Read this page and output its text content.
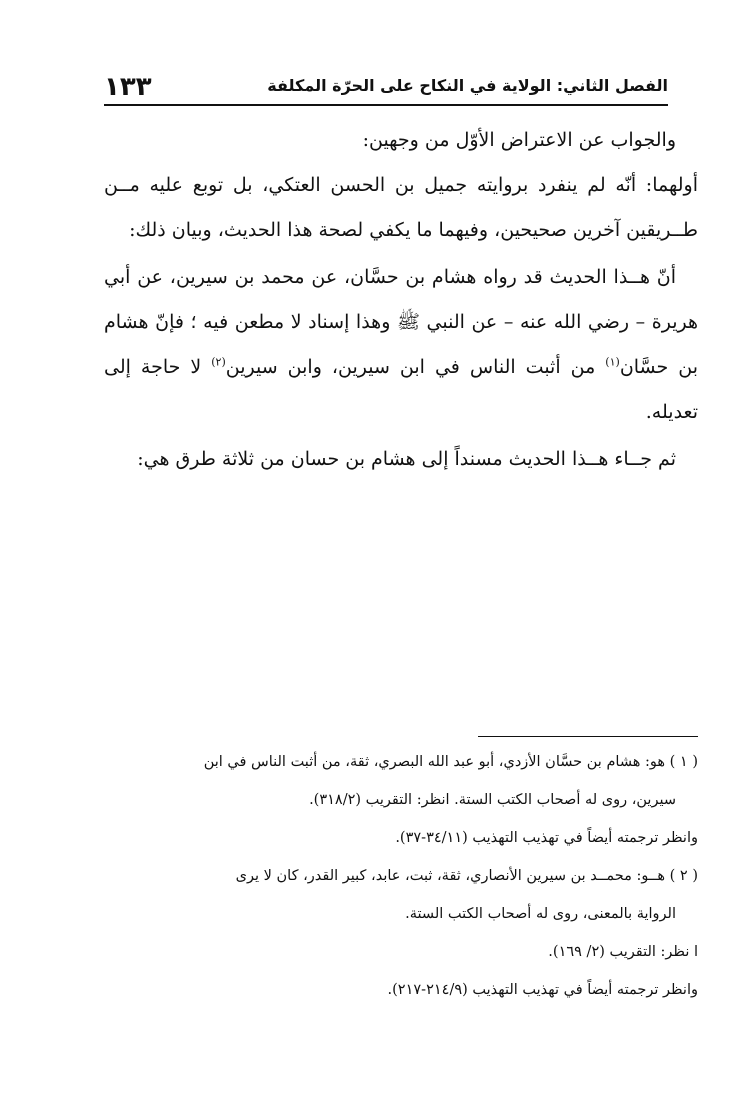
١٣٣	الفصل الثاني: الولاية في النكاح على الحرّة المكلفة

والجواب عن الاعتراض الأوّل من وجهين:

أولهما: أنّه لم ينفرد بروايته جميل بن الحسن العتكي، بل توبع عليه مــن طــريقين آخرين صحيحين، وفيهما ما يكفي لصحة هذا الحديث، وبيان ذلك:

أنّ هــذا الحديث قد رواه هشام بن حسَّان، عن محمد بن سيرين، عن أبي هريرة – رضي الله عنه – عن النبي ﷺ وهذا إسناد لا مطعن فيه ؛ فإنّ هشام بن حسَّان$^{(١)}$ من أثبت الناس في ابن سيرين، وابن سيرين$^{(٢)}$ لا حاجة إلى تعديله.

ثم جــاء هــذا الحديث مسنداً إلى هشام بن حسان من ثلاثة طرق هي:

( ١ ) هو: هشام بن حسَّان الأزدي، أبو عبد الله البصري، ثقة، من أثبت الناس في ابن

سيرين، روى له أصحاب الكتب الستة. انظر: التقريب (٣١٨/٢).

وانظر ترجمته أيضاً في تهذيب التهذيب (٣٤/١١-٣٧).

( ٢ ) هــو: محمــد بن سيرين الأنصاري، ثقة، ثبت، عابد، كبير القدر، كان لا يرى

الرواية بالمعنى، روى له أصحاب الكتب الستة.

ا نظر: التقريب (٢/ ١٦٩).

وانظر ترجمته أيضاً في تهذيب التهذيب (٢١٤/٩-٢١٧).
